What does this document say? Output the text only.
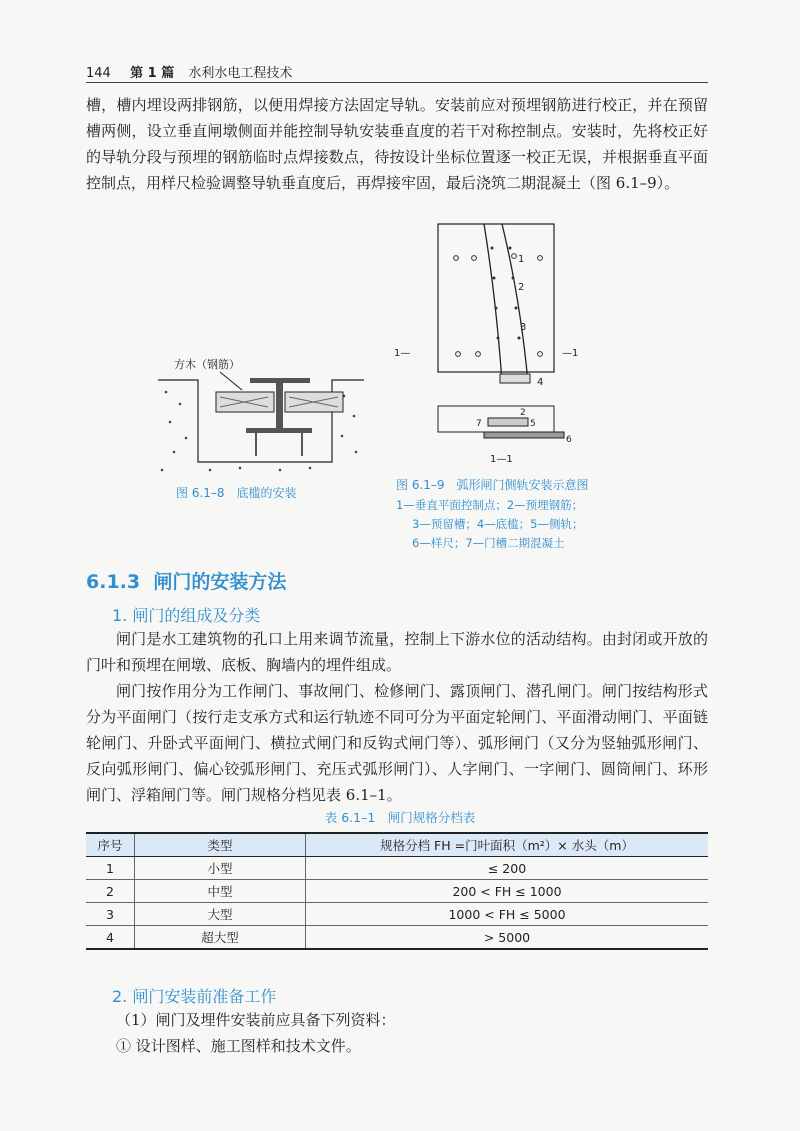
144 第 1 篇 水利水电工程技术

槽，槽内埋设两排钢筋，以便用焊接方法固定导轨。安装前应对预埋钢筋进行校正，并在预留槽两侧，设立垂直闸墩侧面并能控制导轨安装垂直度的若干对称控制点。安装时，先将校正好的导轨分段与预埋的钢筋临时点焊接数点，待按设计坐标位置逐一校正无误，并根据垂直平面控制点，用样尺检验调整导轨垂直度后，再焊接牢固，最后浇筑二期混凝土（图 6.1–9）。

方木（钢筋）
图 6.1–8　底槛的安装
1
2
3
4
1—	—1
7
2
5
6
1—1
图 6.1–9　弧形闸门侧轨安装示意图
1—垂直平面控制点；2—预埋钢筋；
3—预留槽；4—底槛；5—侧轨；
6—样尺；7—门槽二期混凝土
6.1.3 闸门的安装方法
1. 闸门的组成及分类

闸门是水工建筑物的孔口上用来调节流量，控制上下游水位的活动结构。由封闭或开放的门叶和预埋在闸墩、底板、胸墙内的埋件组成。

闸门按作用分为工作闸门、事故闸门、检修闸门、露顶闸门、潜孔闸门。闸门按结构形式分为平面闸门（按行走支承方式和运行轨迹不同可分为平面定轮闸门、平面滑动闸门、平面链轮闸门、升卧式平面闸门、横拉式闸门和反钩式闸门等）、弧形闸门（又分为竖轴弧形闸门、反向弧形闸门、偏心铰弧形闸门、充压式弧形闸门）、人字闸门、一字闸门、圆筒闸门、环形闸门、浮箱闸门等。闸门规格分档见表 6.1–1。

表 6.1–1　闸门规格分档表
序号	类型	规格分档 FH =门叶面积（m²）× 水头（m）
1	小型	≤ 200
2	中型	200 < FH ≤ 1000
3	大型	1000 < FH ≤ 5000
4	超大型	> 5000
2. 闸门安装前准备工作

（1）闸门及埋件安装前应具备下列资料：

① 设计图样、施工图样和技术文件。
